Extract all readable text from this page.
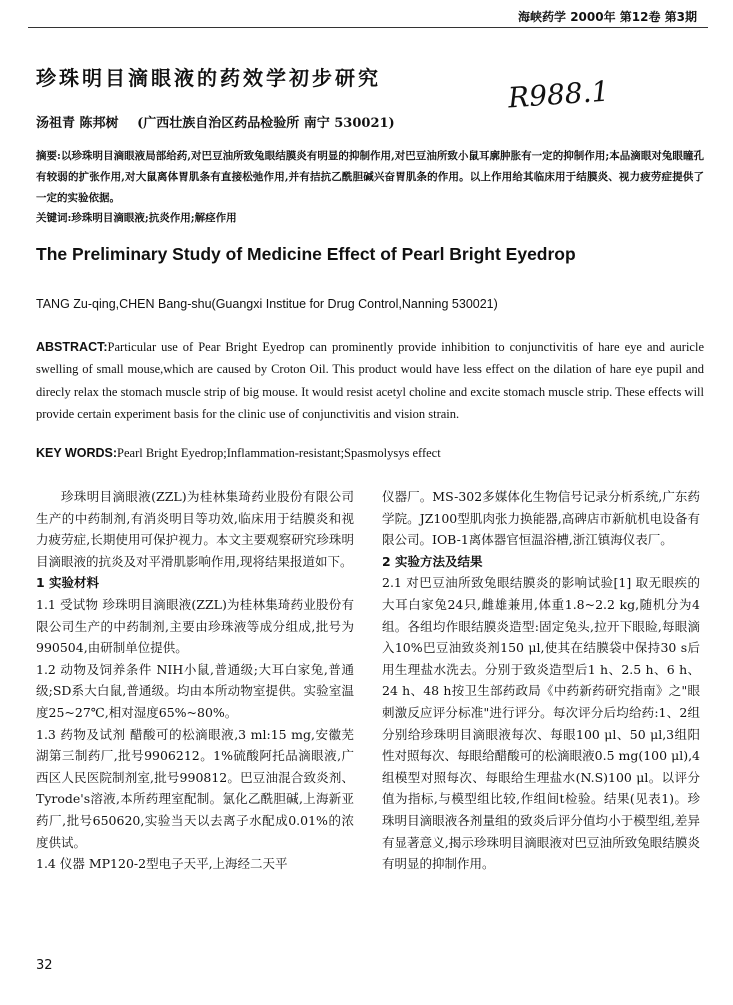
海峡药学 2000年 第12卷 第3期
珍珠明目滴眼液的药效学初步研究	R988.1
汤祖青 陈邦树 (广西壮族自治区药品检验所 南宁 530021)
摘要:以珍珠明目滴眼液局部给药,对巴豆油所致兔眼结膜炎有明显的抑制作用,对巴豆油所致小鼠耳廓肿胀有一定的抑制作用;本品滴眼对兔眼瞳孔有较弱的扩张作用,对大鼠离体胃肌条有直接松弛作用,并有拮抗乙酰胆碱兴奋胃肌条的作用。以上作用给其临床用于结膜炎、视力疲劳症提供了一定的实验依据。
关键词:珍珠明目滴眼液;抗炎作用;解痉作用
The Preliminary Study of Medicine Effect of Pearl Bright Eyedrop
TANG Zu-qing,CHEN Bang-shu(Guangxi Institue for Drug Control,Nanning 530021)
ABSTRACT:Particular use of Pear Bright Eyedrop can prominently provide inhibition to conjunctivitis of hare eye and auricle swelling of small mouse,which are caused by Croton Oil. This product would have less effect on the dilation of hare eye pupil and direcly relax the stomach muscle strip of big mouse. It would resist acetyl choline and excite stomach muscle strip. These effects will provide certain experiment basis for the clinic use of conjunctivitis and vision strain.
KEY WORDS:Pearl Bright Eyedrop;Inflammation-resistant;Spasmolysys effect

珍珠明目滴眼液(ZZL)为桂林集琦药业股份有限公司生产的中药制剂,有消炎明目等功效,临床用于结膜炎和视力疲劳症,长期使用可保护视力。本文主要观察研究珍珠明目滴眼液的抗炎及对平滑肌影响作用,现将结果报道如下。

1 实验材料

1.1 受试物 珍珠明目滴眼液(ZZL)为桂林集琦药业股份有限公司生产的中药制剂,主要由珍珠液等成分组成,批号为990504,由研制单位提供。

1.2 动物及饲养条件 NIH小鼠,普通级;大耳白家兔,普通级;SD系大白鼠,普通级。均由本所动物室提供。实验室温度25~27℃,相对湿度65%~80%。

1.3 药物及试剂 醋酸可的松滴眼液,3 ml:15 mg,安徽芜湖第三制药厂,批号9906212。1%硫酸阿托品滴眼液,广西区人民医院制剂室,批号990812。巴豆油混合致炎剂、Tyrode's溶液,本所药理室配制。氯化乙酰胆碱,上海新亚药厂,批号650620,实验当天以去离子水配成0.01%的浓度供试。

1.4 仪器 MP120-2型电子天平,上海经二天平

仪器厂。MS-302多媒体化生物信号记录分析系统,广东药学院。JZ100型肌肉张力换能器,高碑店市新航机电设备有限公司。IOB-1离体器官恒温浴槽,浙江镇海仪表厂。

2 实验方法及结果

2.1 对巴豆油所致兔眼结膜炎的影响试验[1] 取无眼疾的大耳白家兔24只,雌雄兼用,体重1.8~2.2 kg,随机分为4组。各组均作眼结膜炎造型:固定兔头,拉开下眼睑,每眼滴入10%巴豆油致炎剂150 μl,使其在结膜袋中保持30 s后用生理盐水洗去。分别于致炎造型后1 h、2.5 h、6 h、24 h、48 h按卫生部药政局《中药新药研究指南》之"眼刺激反应评分标准"进行评分。每次评分后均给药:1、2组分别给珍珠明目滴眼液每次、每眼100 μl、50 μl,3组阳性对照每次、每眼给醋酸可的松滴眼液0.5 mg(100 μl),4组模型对照每次、每眼给生理盐水(N.S)100 μl。以评分值为指标,与模型组比较,作组间t检验。结果(见表1)。珍珠明目滴眼液各剂量组的致炎后评分值均小于模型组,差异有显著意义,揭示珍珠明目滴眼液对巴豆油所致兔眼结膜炎有明显的抑制作用。

32
